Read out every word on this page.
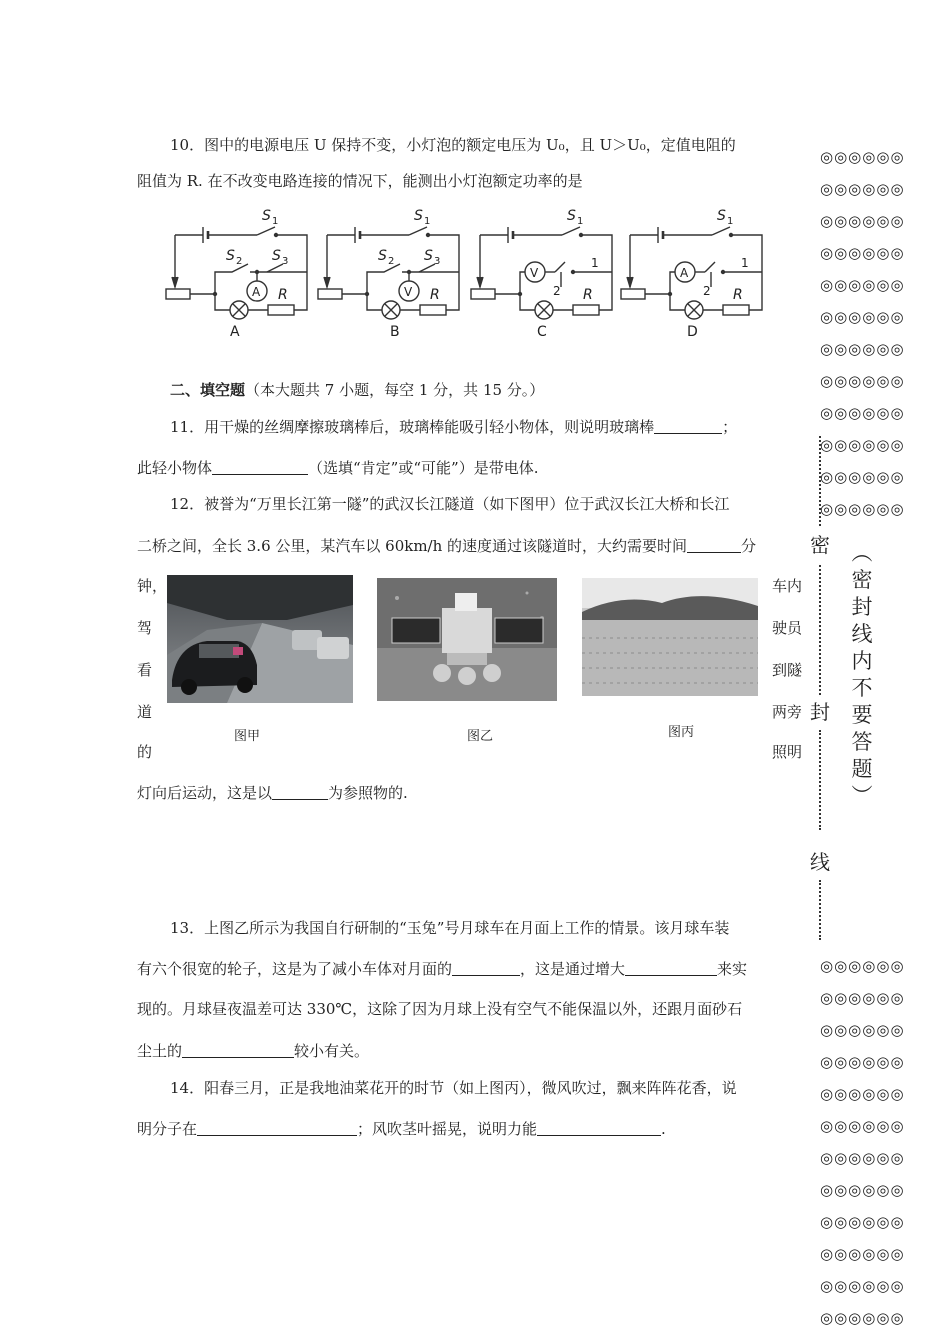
10．图中的电源电压 U 保持不变，小灯泡的额定电压为 U₀，且 U＞U₀，定值电阻的
阻值为 R. 在不改变电路连接的情况下，能测出小灯泡额定功率的是
S 1
S 2 S 3
A R
A
S 1
S 2 S 3
V R
B
S 1
V
1
2 R
C
S 1
A
1
2 R
D
二、填空题（本大题共 7 小题，每空 1 分，共 15 分。）
11．用干燥的丝绸摩擦玻璃棒后，玻璃棒能吸引轻小物体，则说明玻璃棒	；
此轻小物体	（选填“肯定”或“可能”）是带电体.
12．被誉为“万里长江第一隧”的武汉长江隧道（如下图甲）位于武汉长江大桥和长江
二桥之间，全长 3.6 公里，某汽车以 60km/h 的速度通过该隧道时，大约需要时间	分
钟，
驾
看
道
的
车内
驶员
到隧
两旁
照明
图甲	图乙	图丙
灯向后运动，这是以	为参照物的.
13．上图乙所示为我国自行研制的“玉兔”号月球车在月面上工作的情景。该月球车装
有六个很宽的轮子，这是为了减小车体对月面的	，这是通过增大	来实
现的。月球昼夜温差可达 330℃，这除了因为月球上没有空气不能保温以外，还跟月面砂石
尘土的	较小有关。
14．阳春三月，正是我地油菜花开的时节（如上图丙），微风吹过，飘来阵阵花香，说
明分子在	；风吹茎叶摇晃，说明力能	.
◎◎◎◎◎◎
◎◎◎◎◎◎
◎◎◎◎◎◎
◎◎◎◎◎◎
◎◎◎◎◎◎
◎◎◎◎◎◎
◎◎◎◎◎◎
◎◎◎◎◎◎
◎◎◎◎◎◎
◎◎◎◎◎◎
◎◎◎◎◎◎
◎◎◎◎◎◎
密
封
线
︵
密
封
线
内
不
要
答
题
︶
◎◎◎◎◎◎
◎◎◎◎◎◎
◎◎◎◎◎◎
◎◎◎◎◎◎
◎◎◎◎◎◎
◎◎◎◎◎◎
◎◎◎◎◎◎
◎◎◎◎◎◎
◎◎◎◎◎◎
◎◎◎◎◎◎
◎◎◎◎◎◎
◎◎◎◎◎◎
